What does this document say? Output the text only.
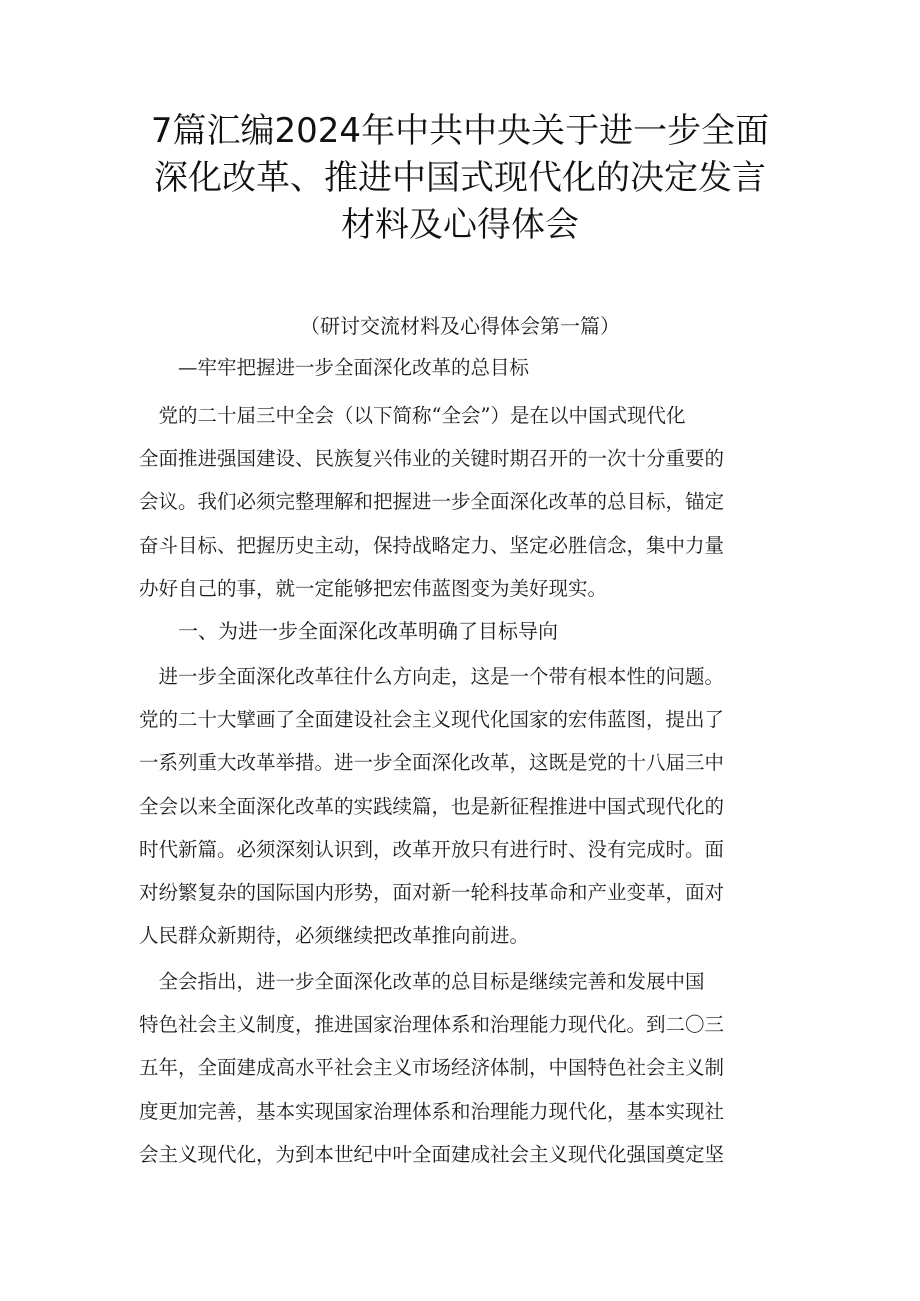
7篇汇编2024年中共中央关于进一步全面
深化改革、推进中国式现代化的决定发言
材料及心得体会
（研讨交流材料及心得体会第一篇）
—牢牢把握进一步全面深化改革的总目标
　党的二十届三中全会（以下简称“全会”）是在以中国式现代化
全面推进强国建设、民族复兴伟业的关键时期召开的一次十分重要的
会议。我们必须完整理解和把握进一步全面深化改革的总目标，锚定
奋斗目标、把握历史主动，保持战略定力、坚定必胜信念，集中力量
办好自己的事，就一定能够把宏伟蓝图变为美好现实。
一、为进一步全面深化改革明确了目标导向
　进一步全面深化改革往什么方向走，这是一个带有根本性的问题。
党的二十大擘画了全面建设社会主义现代化国家的宏伟蓝图，提出了
一系列重大改革举措。进一步全面深化改革，这既是党的十八届三中
全会以来全面深化改革的实践续篇，也是新征程推进中国式现代化的
时代新篇。必须深刻认识到，改革开放只有进行时、没有完成时。面
对纷繁复杂的国际国内形势，面对新一轮科技革命和产业变革，面对
人民群众新期待，必须继续把改革推向前进。
　全会指出，进一步全面深化改革的总目标是继续完善和发展中国
特色社会主义制度，推进国家治理体系和治理能力现代化。到二〇三
五年，全面建成高水平社会主义市场经济体制，中国特色社会主义制
度更加完善，基本实现国家治理体系和治理能力现代化，基本实现社
会主义现代化，为到本世纪中叶全面建成社会主义现代化强国奠定坚
